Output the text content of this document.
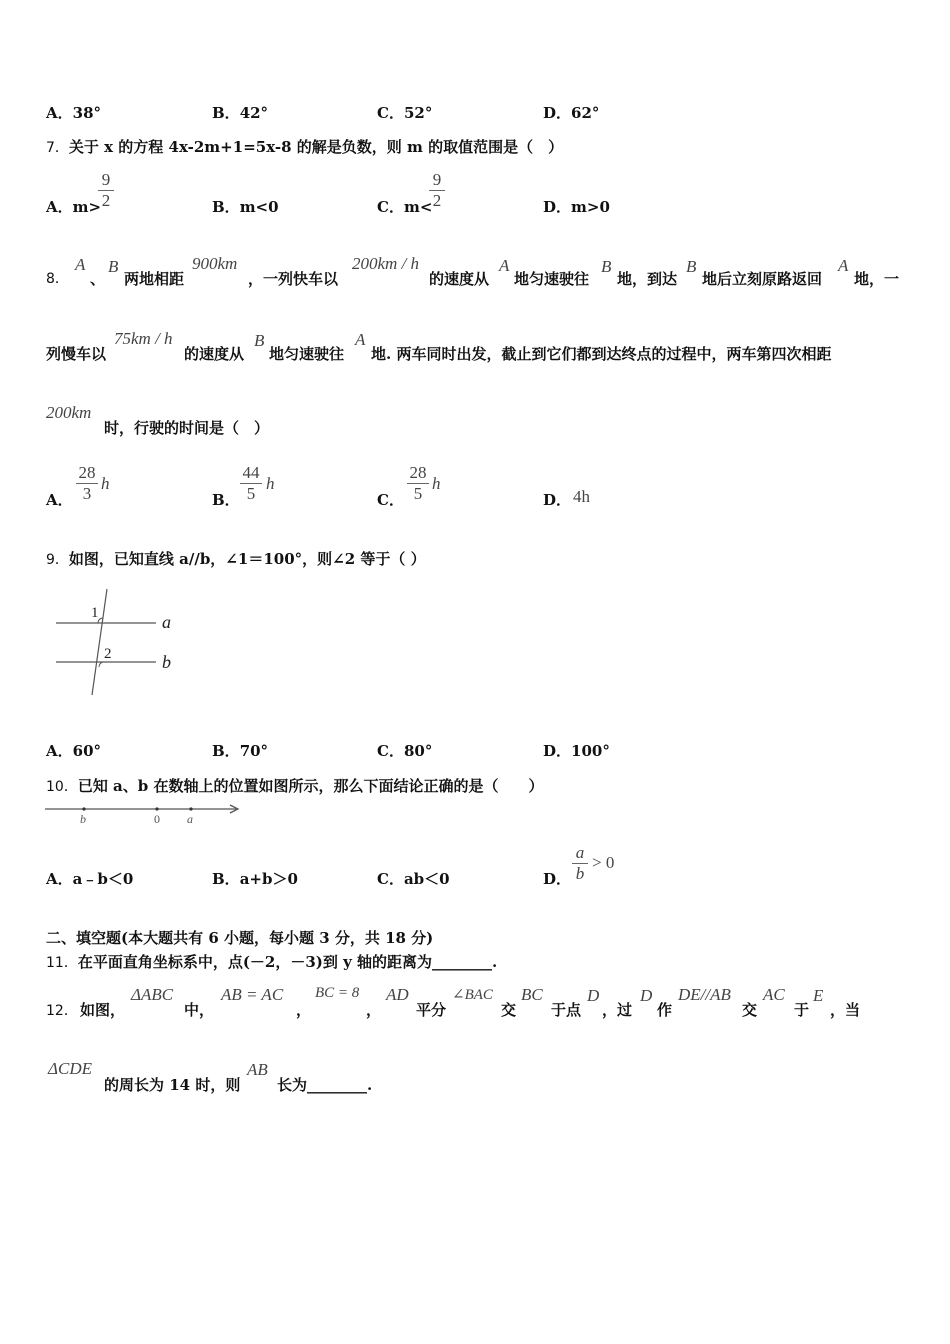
A．38°	B．42°	C．52°	D．62°
7．关于 x 的方程 4x-2m+1=5x-8 的解是负数，则 m 的取值范围是（　）
A．m>
9
2	B．m<0	C．m<
9
2	D．m>0
8．
A
、
B
两地相距
900km
，一列快车以
200km / h
的速度从
A
地匀速驶往
B
地，到达
B
地后立刻原路返回
A
地，一
列慢车以
75km / h
的速度从
B
地匀速驶往
A
地. 两车同时出发，截止到它们都到达终点的过程中，两车第四次相距
200km
时，行驶的时间是（　）
A．
28
3
h
B．
44
5
h
C．
28
5
h
D． 4h
9．如图，已知直线 a//b，∠1＝100°，则∠2 等于（ ）
1
2
a
b
A．60°	B．70°	C．80°	D．100°
10．已知 a、b 在数轴上的位置如图所示，那么下面结论正确的是（　　）
b	0 a
A．a﹣b＜0	B．a+b＞0	C．ab＜0	D．
a
b
> 0
二、填空题(本大题共有 6 小题，每小题 3 分，共 18 分)
11．在平面直角坐标系中，点(－2，－3)到 y 轴的距离为________.
12． 如图，
ΔABC
中，
AB = AC
，
BC = 8
，
AD
平分
∠BAC
交
BC
于点
D
，过
D
作
DE//AB
交
AC
于
E
，当
ΔCDE
的周长为 14 时，则
AB
长为________.
